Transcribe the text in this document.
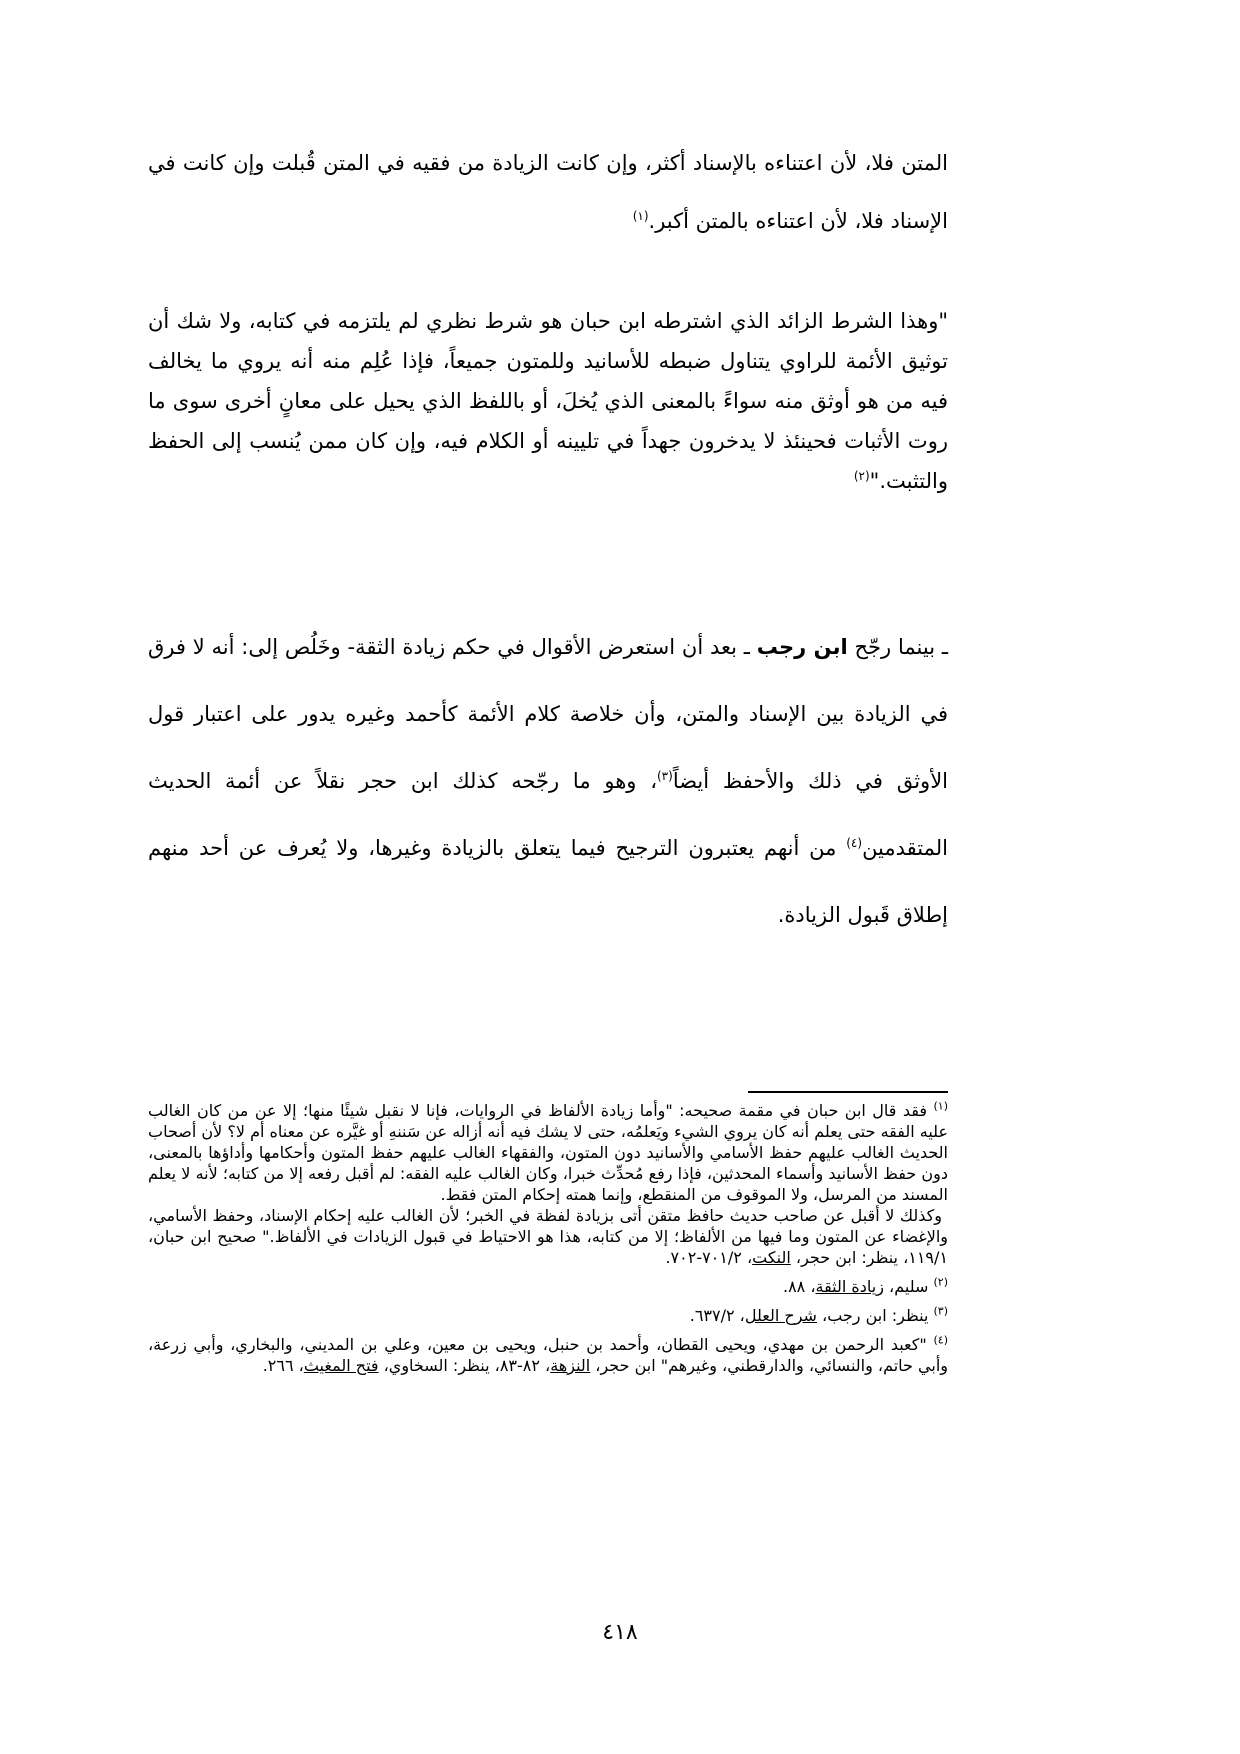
المتن فلا، لأن اعتناءه بالإسناد أكثر، وإن كانت الزيادة من فقيه في المتن قُبلت وإن كانت في الإسناد فلا، لأن اعتناءه بالمتن أكبر.$^{(١)}$
"وهذا الشرط الزائد الذي اشترطه ابن حبان هو شرط نظري لم يلتزمه في كتابه، ولا شك أن توثيق الأئمة للراوي يتناول ضبطه للأسانيد وللمتون جميعاً، فإذا عُلِم منه أنه يروي ما يخالف فيه من هو أوثق منه سواءً بالمعنى الذي يُخلَ، أو باللفظ الذي يحيل على معانٍ أخرى سوى ما روت الأثبات فحينئذ لا يدخرون جهداً في تليينه أو الكلام فيه، وإن كان ممن يُنسب إلى الحفظ والتثبت."$^{(٢)}$
ـ بينما رجّح ابن رجب ـ بعد أن استعرض الأقوال في حكم زيادة الثقة- وخَلُص إلى: أنه لا فرق في الزيادة بين الإسناد والمتن، وأن خلاصة كلام الأئمة كأحمد وغيره يدور على اعتبار قول الأوثق في ذلك والأحفظ أيضاً$^{(٣)}$، وهو ما رجّحه كذلك ابن حجر نقلاً عن أئمة الحديث المتقدمين$^{(٤)}$ من أنهم يعتبرون الترجيح فيما يتعلق بالزيادة وغيرها، ولا يُعرف عن أحد منهم إطلاق قَبول الزيادة.
$^{(١)}$ فقد قال ابن حبان في مقمة صحيحه: "وأما زيادة الألفاظ في الروايات، فإنا لا نقبل شيئًا منها؛ إلا عن من كان الغالب عليه الفقه حتى يعلم أنه كان يروي الشيء ويَعلمُه، حتى لا يشك فيه أنه أزاله عن سَننهِ أو غيَّره عن معناه أم لا؟ لأن أصحاب الحديث الغالب عليهم حفظ الأسامي والأسانيد دون المتون، والفقهاء الغالب عليهم حفظ المتون وأحكامها وأداؤها بالمعنى، دون حفظ الأسانيد وأسماء المحدثين، فإذا رفع مُحدِّث خبرا، وكان الغالب عليه الفقه: لم أقبل رفعه إلا من كتابه؛ لأنه لا يعلم المسند من المرسل، ولا الموقوف من المنقطع، وإنما همته إحكام المتن فقط.
وكذلك لا أقبل عن صاحب حديث حافظ متقن أتى بزيادة لفظة في الخبر؛ لأن الغالب عليه إحكام الإسناد، وحفظ الأسامي، والإغضاء عن المتون وما فيها من الألفاظ؛ إلا من كتابه، هذا هو الاحتياط في قبول الزيادات في الألفاظ." صحيح ابن حبان، ١١٩/١، ينظر: ابن حجر، النكت، ٧٠١/٢-٧٠٢.
$^{(٢)}$ سليم، زيادة الثقة، ٨٨.
$^{(٣)}$ ينظر: ابن رجب، شرح العلل، ٦٣٧/٢.
$^{(٤)}$ "كعبد الرحمن بن مهدي، ويحيى القطان، وأحمد بن حنبل، ويحيى بن معين، وعلي بن المديني، والبخاري، وأبي زرعة، وأبي حاتم، والنسائي، والدارقطني، وغيرهم" ابن حجر، النزهة، ٨٢-٨٣، ينظر: السخاوي، فتح المغيث، ٢٦٦.
٤١٨
